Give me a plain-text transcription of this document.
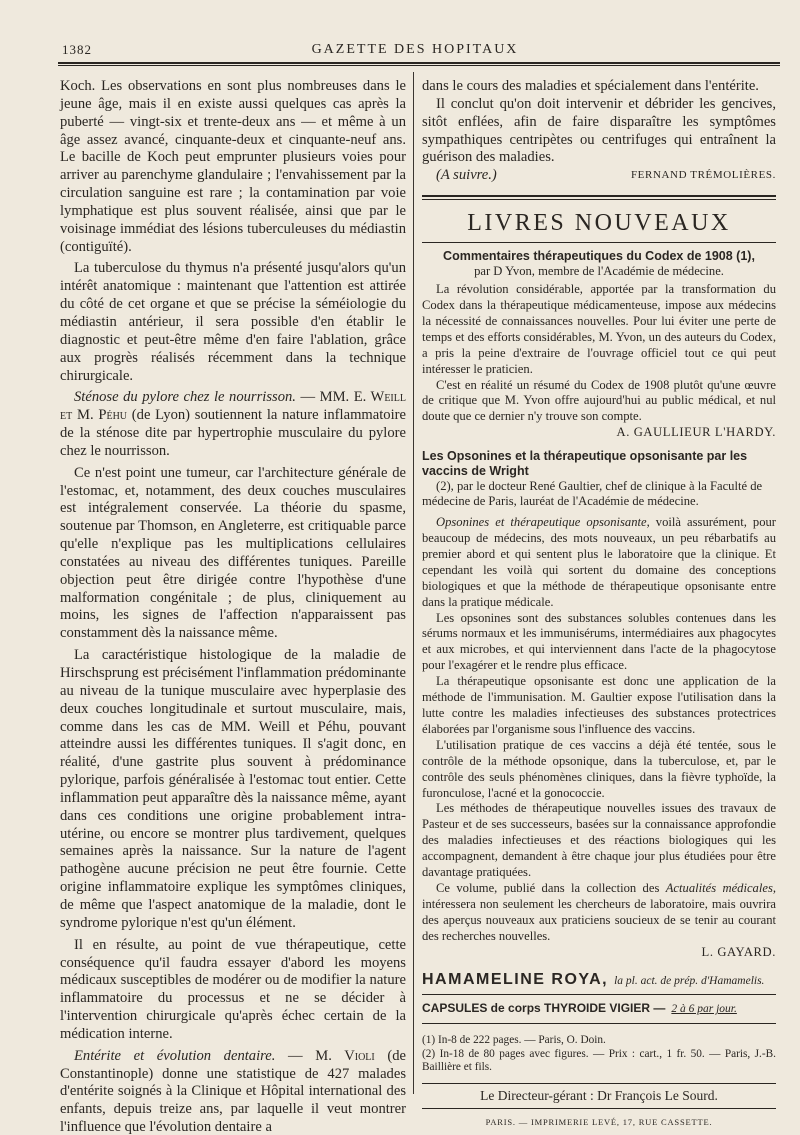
1382	GAZETTE DES HOPITAUX

Koch. Les observations en sont plus nombreuses dans le jeune âge, mais il en existe aussi quelques cas après la puberté — vingt-six et trente-deux ans — et même à un âge assez avancé, cinquante-deux et cinquante-neuf ans. Le bacille de Koch peut emprunter plusieurs voies pour arriver au parenchyme glandulaire ; l'envahissement par la circulation sanguine est rare ; la contamination par voie lymphatique est plus souvent réalisée, ainsi que par le voisinage immédiat des lésions tuberculeuses du médiastin (contiguïté).

La tuberculose du thymus n'a présenté jusqu'alors qu'un intérêt anatomique : maintenant que l'attention est attirée du côté de cet organe et que se précise la séméiologie du médiastin antérieur, il sera possible d'en établir le diagnostic et peut-être même d'en faire l'ablation, grâce aux progrès réalisés récemment dans la technique chirurgicale.

Sténose du pylore chez le nourrisson. — MM. E. Weill et M. Péhu (de Lyon) soutiennent la nature inflammatoire de la sténose dite par hypertrophie musculaire du pylore chez le nourrisson.

Ce n'est point une tumeur, car l'architecture générale de l'estomac, et, notamment, des deux couches musculaires est intégralement conservée. La théorie du spasme, soutenue par Thomson, en Angleterre, est critiquable parce qu'elle n'explique pas les multiplications cellulaires constatées au niveau des différentes tuniques. Pareille objection peut être dirigée contre l'hypothèse d'une malformation congénitale ; de plus, cliniquement au moins, les signes de l'affection n'apparaissent pas constamment dès la naissance même.

La caractéristique histologique de la maladie de Hirschsprung est précisément l'inflammation prédominante au niveau de la tunique musculaire avec hyperplasie des deux couches longitudinale et surtout musculaire, mais, comme dans les cas de MM. Weill et Péhu, pouvant atteindre aussi les différentes tuniques. Il s'agit donc, en réalité, d'une gastrite plus souvent à prédominance pylorique, parfois généralisée à l'estomac tout entier. Cette inflammation peut apparaître dès la naissance même, ayant dans ces conditions une origine probablement intra-utérine, ou encore se montrer plus tardivement, quelques semaines après la naissance. Sur la nature de l'agent pathogène aucune précision ne peut être fournie. Cette origine inflammatoire explique les symptômes cliniques, de même que l'aspect anatomique de la maladie, dont le syndrome pylorique n'est qu'un élément.

Il en résulte, au point de vue thérapeutique, cette conséquence qu'il faudra essayer d'abord les moyens médicaux susceptibles de modérer ou de modifier la nature inflammatoire du processus et ne se décider à l'intervention chirurgicale qu'après échec certain de la médication interne.

Entérite et évolution dentaire. — M. Violi (de Constantinople) donne une statistique de 427 malades d'entérite soignés à la Clinique et Hôpital international des enfants, depuis treize ans, par laquelle il veut montrer l'influence que l'évolution dentaire a

dans le cours des maladies et spécialement dans l'entérite.

Il conclut qu'on doit intervenir et débrider les gencives, sitôt enflées, afin de faire disparaître les symptômes sympathiques centripètes ou centrifuges qui entraînent la guérison des maladies.

(A suivre.)	FERNAND TRÉMOLIÈRES.

LIVRES NOUVEAUX
Commentaires thérapeutiques du Codex de 1908 (1),
par D Yvon, membre de l'Académie de médecine.

La révolution considérable, apportée par la transformation du Codex dans la thérapeutique médicamenteuse, impose aux médecins la nécessité de connaissances nouvelles. Pour lui éviter une perte de temps et des efforts considérables, M. Yvon, un des auteurs du Codex, a pris la peine d'extraire de l'ouvrage officiel tout ce qui peut intéresser le praticien.

C'est en réalité un résumé du Codex de 1908 plutôt qu'une œuvre de critique que M. Yvon offre aujourd'hui au public médical, et nul doute que ce dernier n'y trouve son compte.

A. GAULLIEUR L'HARDY.

Les Opsonines et la thérapeutique opsonisante par les vaccins de Wright
(2), par le docteur René Gaultier, chef de clinique à la Faculté de médecine de Paris, lauréat de l'Académie de médecine.

Opsonines et thérapeutique opsonisante, voilà assurément, pour beaucoup de médecins, des mots nouveaux, un peu rébarbatifs au premier abord et qui sentent plus le laboratoire que la clinique. Et cependant les voilà qui sortent du domaine des conceptions biologiques et que la méthode de thérapeutique opsonisante entre dans la pratique médicale.

Les opsonines sont des substances solubles contenues dans les sérums normaux et les immunisérums, intermédiaires aux phagocytes et aux microbes, et qui interviennent dans l'acte de la phagocytose pour l'exagérer et le rendre plus efficace.

La thérapeutique opsonisante est donc une application de la méthode de l'immunisation. M. Gaultier expose l'utilisation dans la lutte contre les maladies infectieuses des substances protectrices élaborées par l'organisme sous l'influence des vaccins.

L'utilisation pratique de ces vaccins a déjà été tentée, sous le contrôle de la méthode opsonique, dans la tuberculose, et, par le contrôle des seuls phénomènes cliniques, dans la fièvre typhoïde, la furonculose, l'acné et la gonococcie.

Les méthodes de thérapeutique nouvelles issues des travaux de Pasteur et de ses successeurs, basées sur la connaissance approfondie des maladies infectieuses et des réactions biologiques qui les accompagnent, demandent à être chaque jour plus étudiées pour être davantage pratiquées.

Ce volume, publié dans la collection des Actualités médicales, intéressera non seulement les chercheurs de laboratoire, mais ouvrira des aperçus nouveaux aux praticiens soucieux de se tenir au courant des recherches nouvelles.

L. GAYARD.

HAMAMELINE ROYA, la pl. act. de prép. d'Hamamelis.
CAPSULES de corps THYROIDE VIGIER — 2 à 6 par jour.
(1) In-8 de 222 pages. — Paris, O. Doin.
(2) In-18 de 80 pages avec figures. — Prix : cart., 1 fr. 50. — Paris, J.-B. Baillière et fils.
Le Directeur-gérant : Dr François Le Sourd.
PARIS. — IMPRIMERIE LEVÉ, 17, RUE CASSETTE.
